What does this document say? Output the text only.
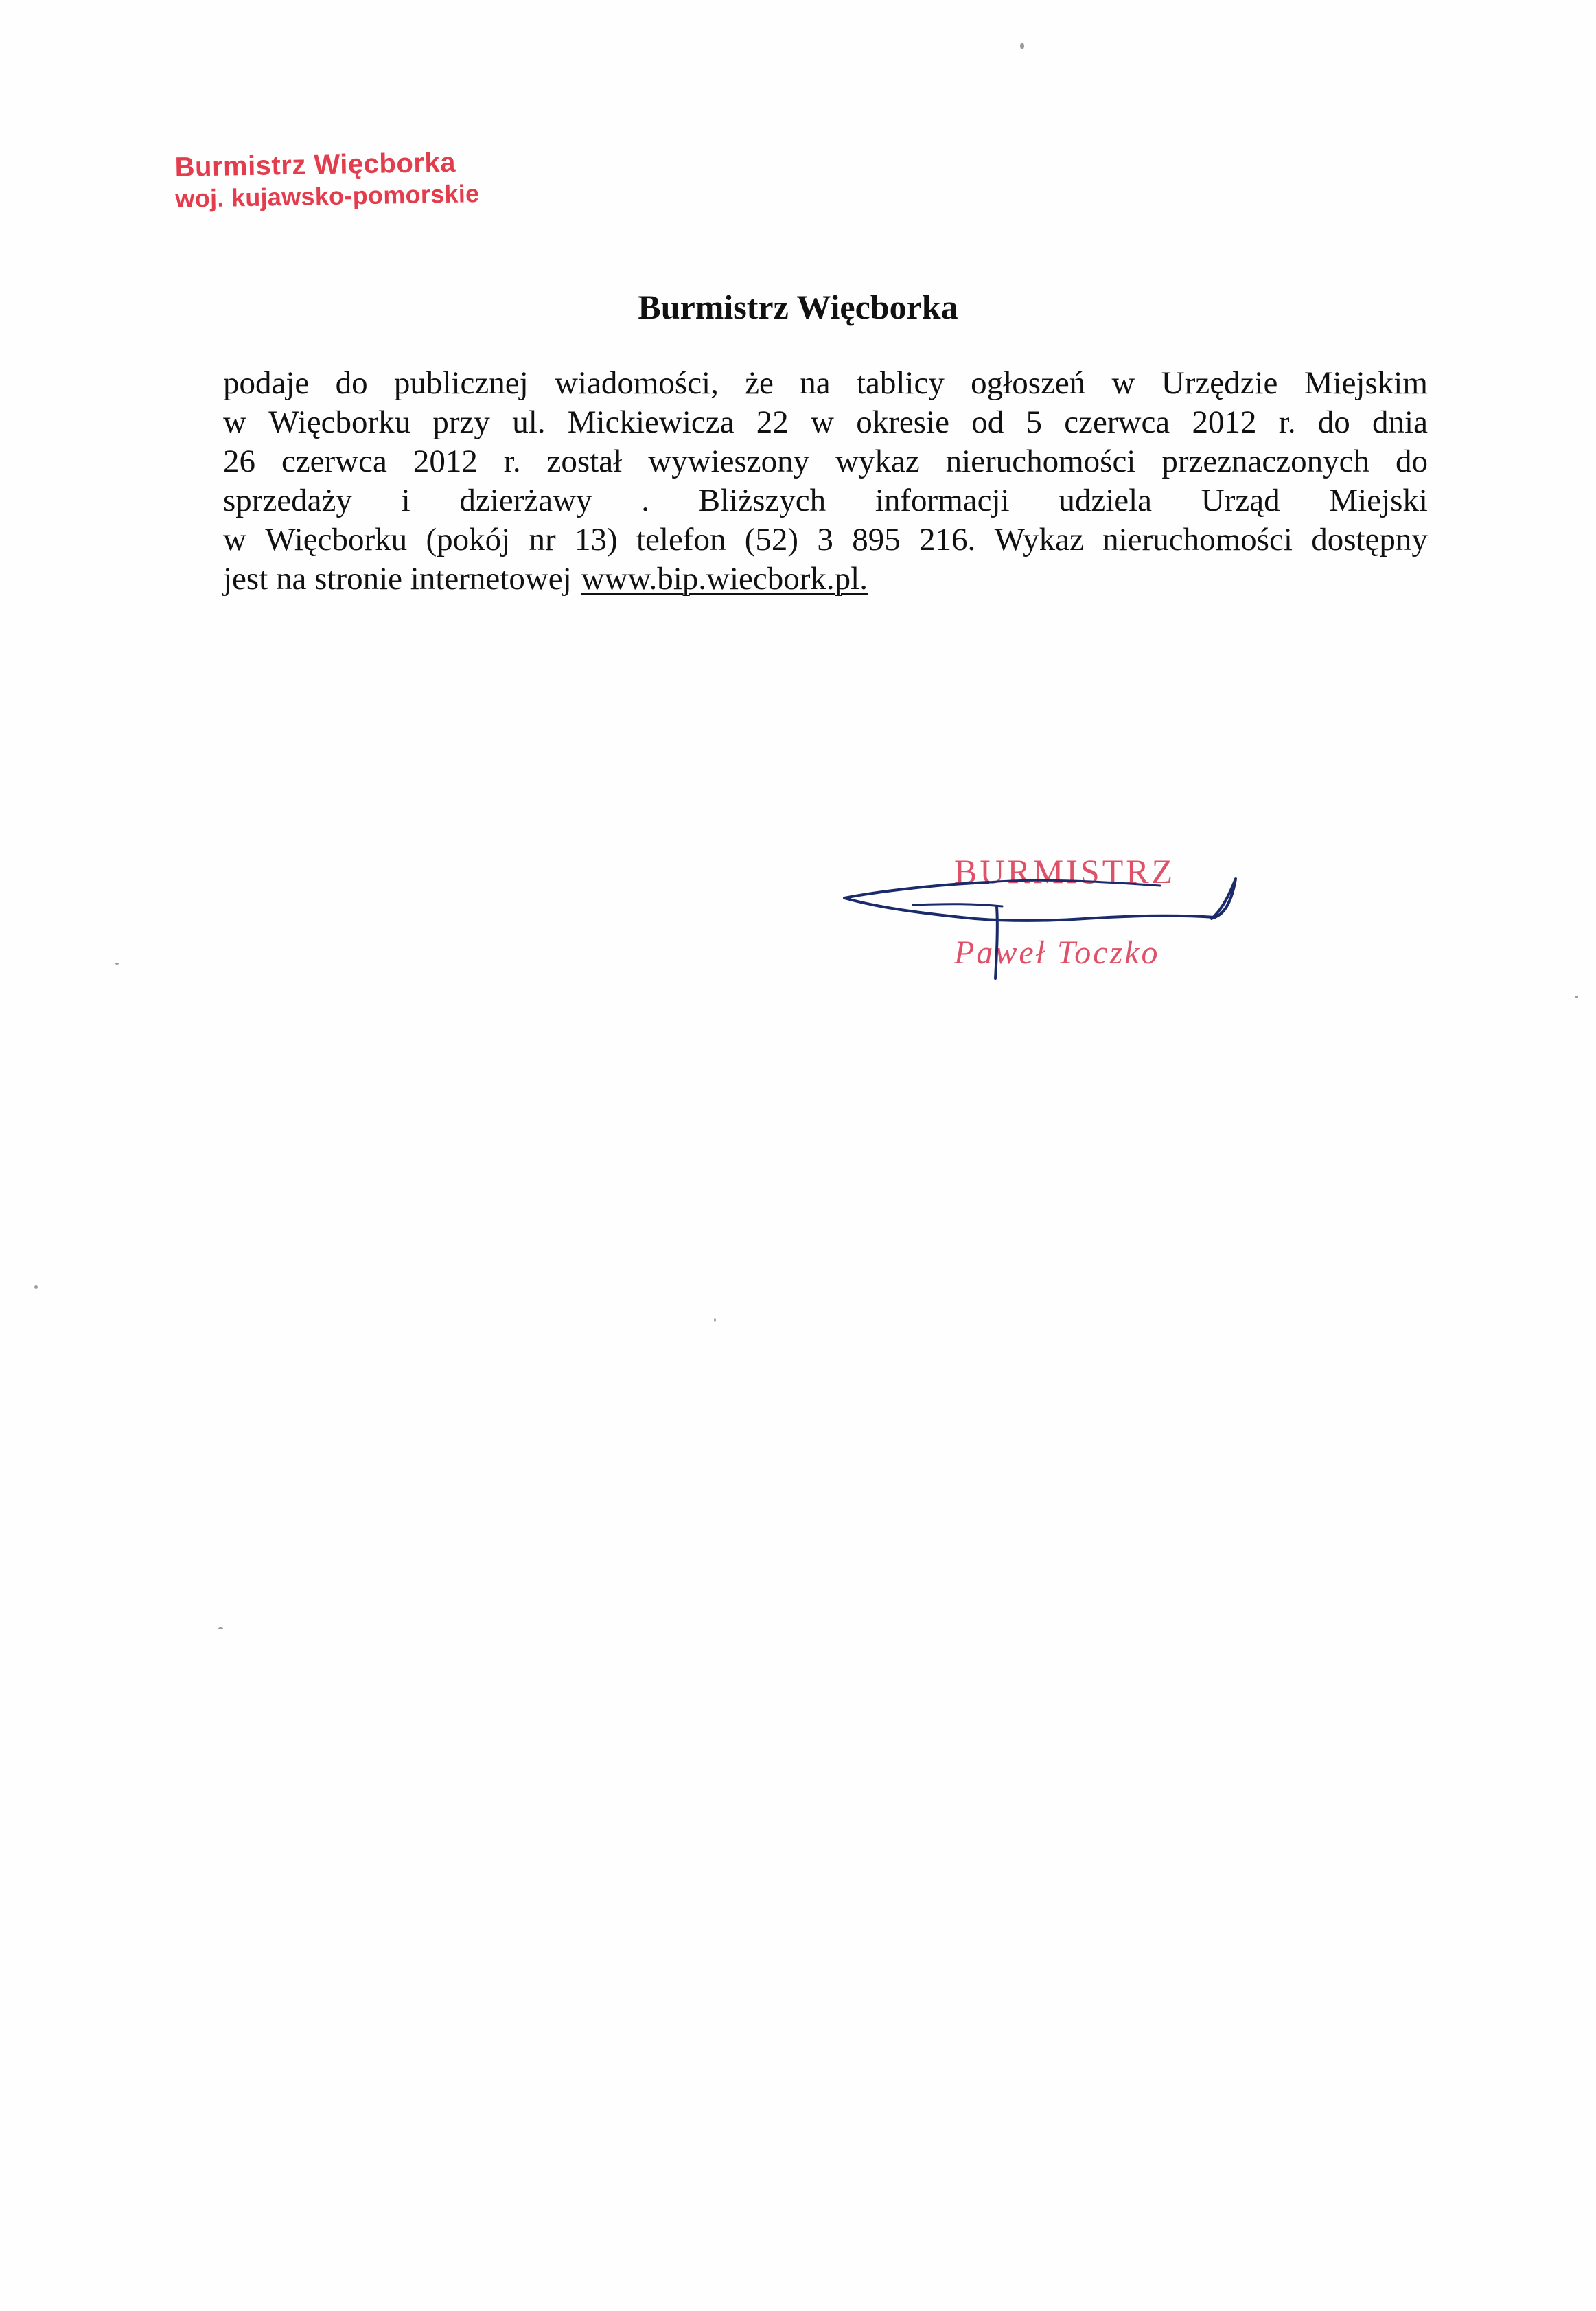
Burmistrz Więcborka
woj. kujawsko-pomorskie
Burmistrz Więcborka
podaje do publicznej wiadomości, że na tablicy ogłoszeń w Urzędzie Miejskim
w Więcborku przy ul. Mickiewicza 22 w okresie od 5 czerwca 2012 r. do dnia
26 czerwca 2012 r. został wywieszony wykaz nieruchomości przeznaczonych do
sprzedaży i dzierżawy . Bliższych informacji udziela Urząd Miejski
w Więcborku (pokój nr 13) telefon (52) 3 895 216. Wykaz nieruchomości dostępny
jest na stronie internetowej www.bip.wiecbork.pl.
BURMISTRZ
Paweł Toczko
